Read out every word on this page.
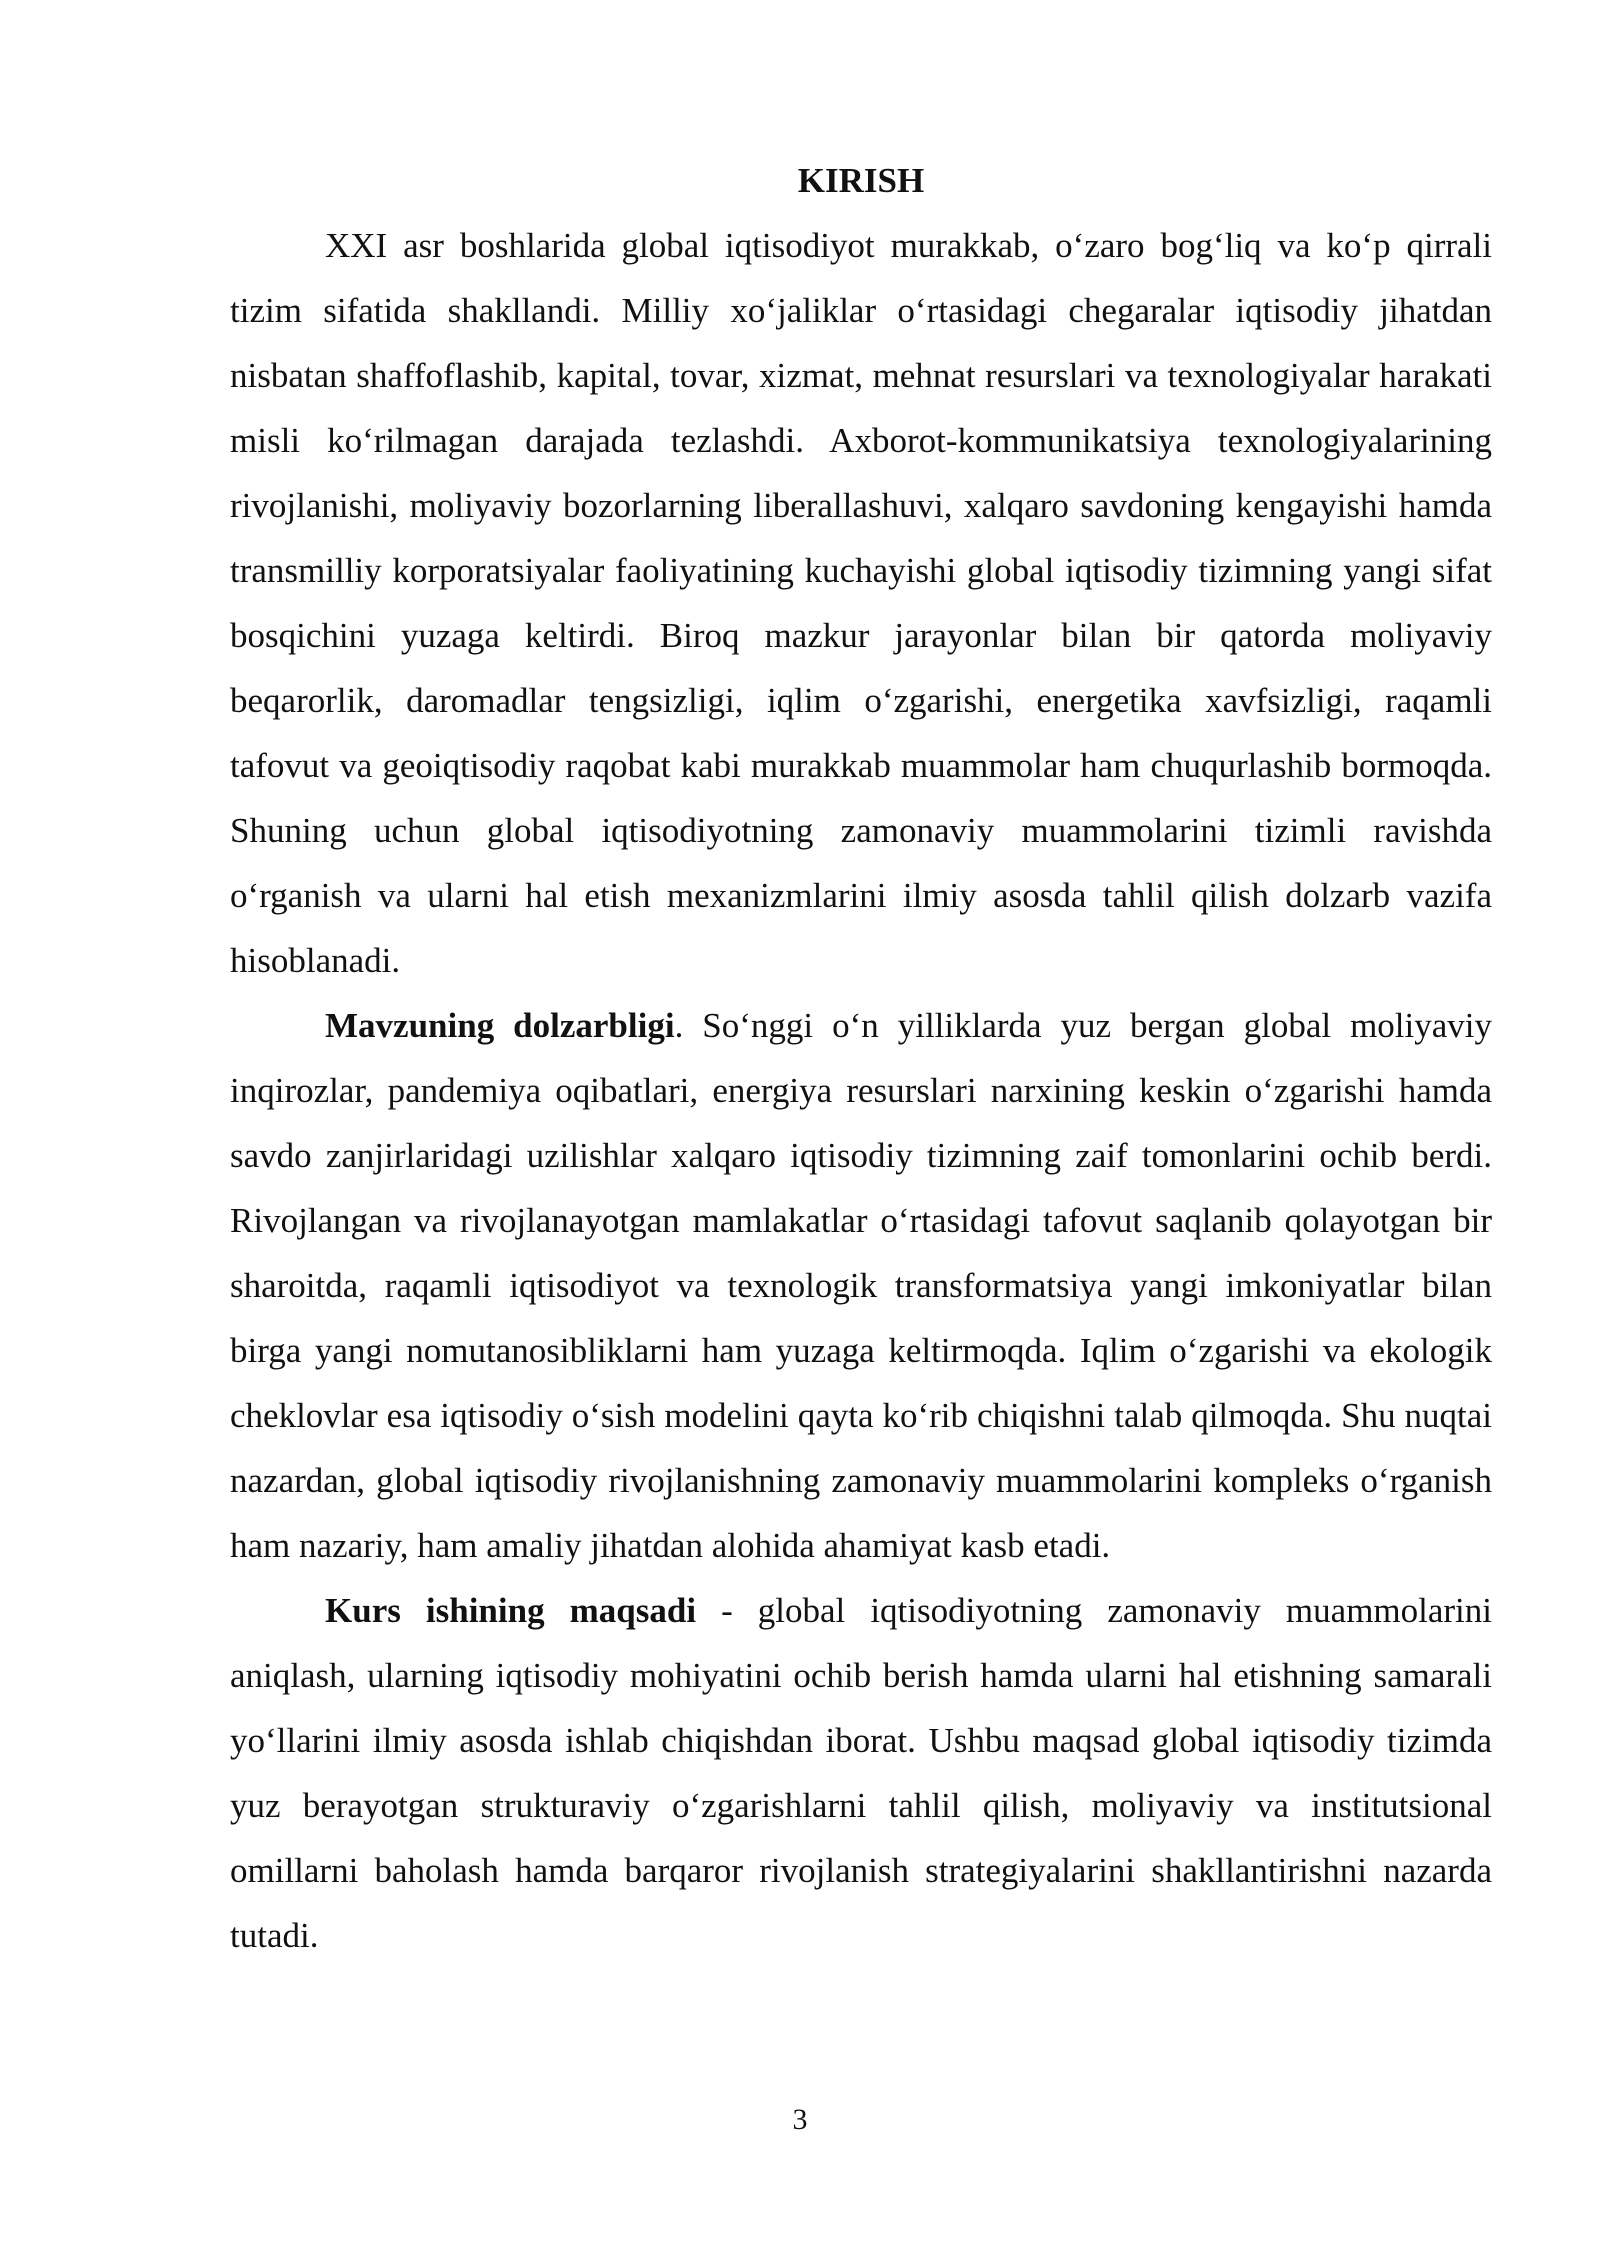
KIRISH

XXI asr boshlarida global iqtisodiyot murakkab, o‘zaro bog‘liq va ko‘p qirrali tizim sifatida shakllandi. Milliy xo‘jaliklar o‘rtasidagi chegaralar iqtisodiy jihatdan nisbatan shaffoflashib, kapital, tovar, xizmat, mehnat resurslari va texnologiyalar harakati misli ko‘rilmagan darajada tezlashdi. Axborot-kommunikatsiya texnologiyalarining rivojlanishi, moliyaviy bozorlarning liberallashuvi, xalqaro savdoning kengayishi hamda transmilliy korporatsiyalar faoliyatining kuchayishi global iqtisodiy tizimning yangi sifat bosqichini yuzaga keltirdi. Biroq mazkur jarayonlar bilan bir qatorda moliyaviy beqarorlik, daromadlar tengsizligi, iqlim o‘zgarishi, energetika xavfsizligi, raqamli tafovut va geoiqtisodiy raqobat kabi murakkab muammolar ham chuqurlashib bormoqda. Shuning uchun global iqtisodiyotning zamonaviy muammolarini tizimli ravishda o‘rganish va ularni hal etish mexanizmlarini ilmiy asosda tahlil qilish dolzarb vazifa hisoblanadi.

Mavzuning dolzarbligi. So‘nggi o‘n yilliklarda yuz bergan global moliyaviy inqirozlar, pandemiya oqibatlari, energiya resurslari narxining keskin o‘zgarishi hamda savdo zanjirlaridagi uzilishlar xalqaro iqtisodiy tizimning zaif tomonlarini ochib berdi. Rivojlangan va rivojlanayotgan mamlakatlar o‘rtasidagi tafovut saqlanib qolayotgan bir sharoitda, raqamli iqtisodiyot va texnologik transformatsiya yangi imkoniyatlar bilan birga yangi nomutanosibliklarni ham yuzaga keltirmoqda. Iqlim o‘zgarishi va ekologik cheklovlar esa iqtisodiy o‘sish modelini qayta ko‘rib chiqishni talab qilmoqda. Shu nuqtai nazardan, global iqtisodiy rivojlanishning zamonaviy muammolarini kompleks o‘rganish ham nazariy, ham amaliy jihatdan alohida ahamiyat kasb etadi.

Kurs ishining maqsadi - global iqtisodiyotning zamonaviy muammolarini aniqlash, ularning iqtisodiy mohiyatini ochib berish hamda ularni hal etishning samarali yo‘llarini ilmiy asosda ishlab chiqishdan iborat. Ushbu maqsad global iqtisodiy tizimda yuz berayotgan strukturaviy o‘zgarishlarni tahlil qilish, moliyaviy va institutsional omillarni baholash hamda barqaror rivojlanish strategiyalarini shakllantirishni nazarda tutadi.

3
